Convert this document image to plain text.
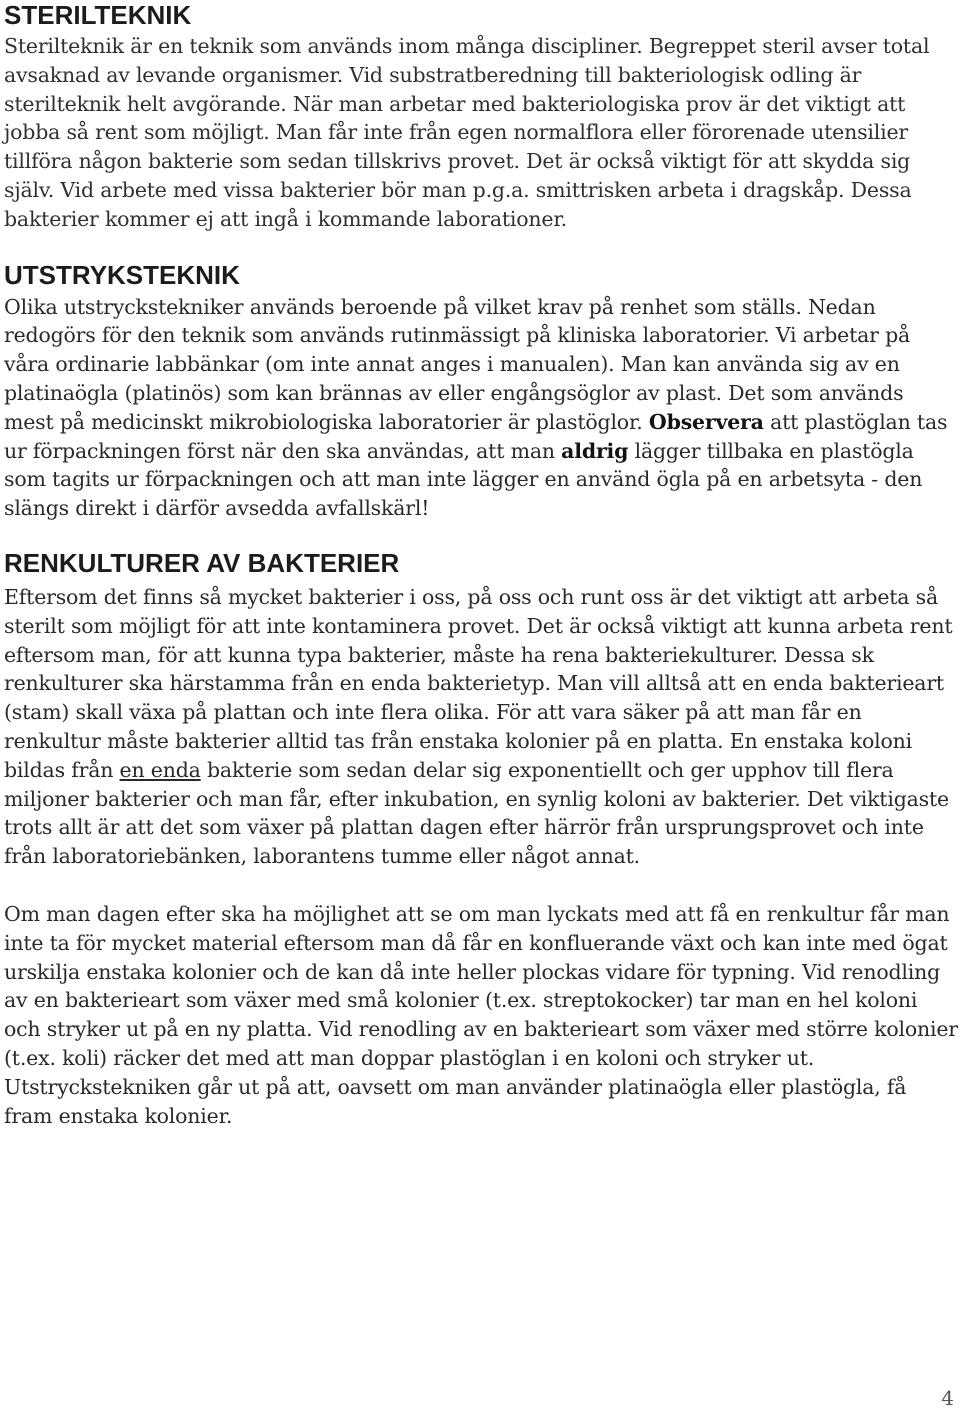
STERILTEKNIK

Sterilteknik är en teknik som används inom många discipliner. Begreppet steril avser total avsaknad av levande organismer. Vid substratberedning till bakteriologisk odling är sterilteknik helt avgörande. När man arbetar med bakteriologiska prov är det viktigt att jobba så rent som möjligt. Man får inte från egen normalflora eller förorenade utensilier tillföra någon bakterie som sedan tillskrivs provet. Det är också viktigt för att skydda sig själv. Vid arbete med vissa bakterier bör man p.g.a. smittrisken arbeta i dragskåp. Dessa bakterier kommer ej att ingå i kommande laborationer.

UTSTRYKSTEKNIK

Olika utstryckstekniker används beroende på vilket krav på renhet som ställs. Nedan redogörs för den teknik som används rutinmässigt på kliniska laboratorier. Vi arbetar på våra ordinarie labbänkar (om inte annat anges i manualen). Man kan använda sig av en platinaögla (platinös) som kan brännas av eller engångsöglor av plast. Det som används mest på medicinskt mikrobiologiska laboratorier är plastöglor. Observera att plastöglan tas ur förpackningen först när den ska användas, att man aldrig lägger tillbaka en plastögla som tagits ur förpackningen och att man inte lägger en använd ögla på en arbetsyta - den slängs direkt i därför avsedda avfallskärl!

RENKULTURER AV BAKTERIER

Eftersom det finns så mycket bakterier i oss, på oss och runt oss är det viktigt att arbeta så sterilt som möjligt för att inte kontaminera provet. Det är också viktigt att kunna arbeta rent eftersom man, för att kunna typa bakterier, måste ha rena bakteriekulturer. Dessa sk renkulturer ska härstamma från en enda bakterietyp. Man vill alltså att en enda bakterieart (stam) skall växa på plattan och inte flera olika. För att vara säker på att man får en renkultur måste bakterier alltid tas från enstaka kolonier på en platta. En enstaka koloni bildas från en enda bakterie som sedan delar sig exponentiellt och ger upphov till flera miljoner bakterier och man får, efter inkubation, en synlig koloni av bakterier. Det viktigaste trots allt är att det som växer på plattan dagen efter härrör från ursprungsprovet och inte från laboratoriebänken, laborantens tumme eller något annat.

Om man dagen efter ska ha möjlighet att se om man lyckats med att få en renkultur får man inte ta för mycket material eftersom man då får en konfluerande växt och kan inte med ögat urskilja enstaka kolonier och de kan då inte heller plockas vidare för typning. Vid renodling av en bakterieart som växer med små kolonier (t.ex. streptokocker) tar man en hel koloni och stryker ut på en ny platta. Vid renodling av en bakterieart som växer med större kolonier (t.ex. koli) räcker det med att man doppar plastöglan i en koloni och stryker ut. Utstryckstekniken går ut på att, oavsett om man använder platinaögla eller plastögla, få fram enstaka kolonier.

4
